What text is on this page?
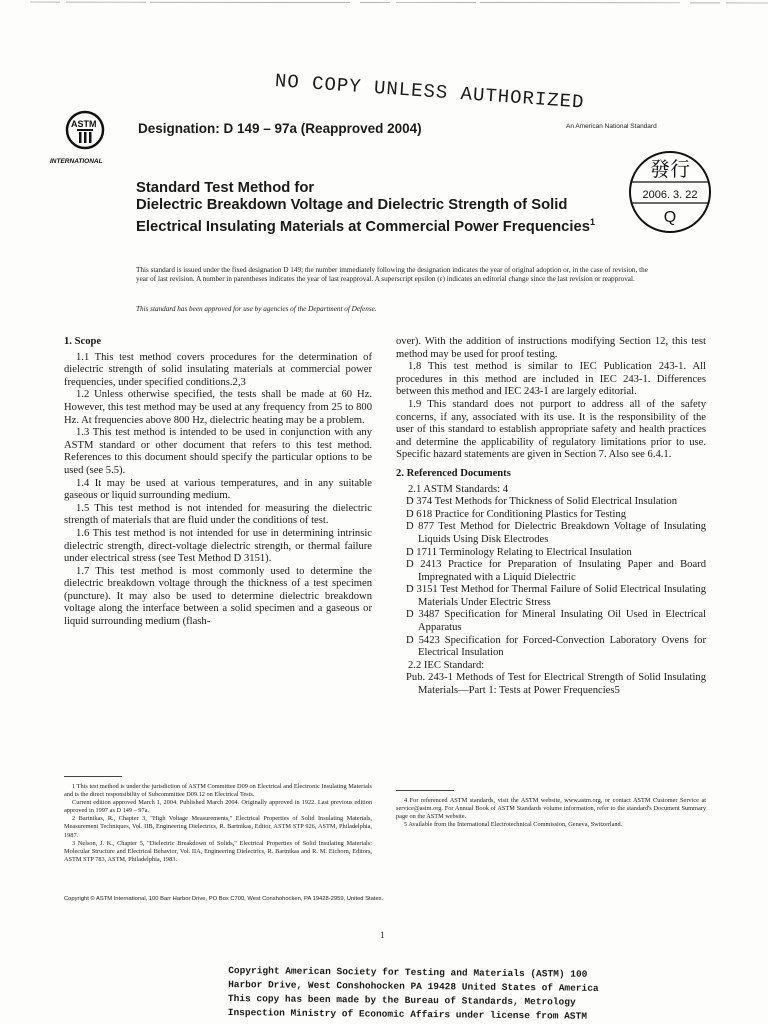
NO COPY UNLESS AUTHORIZED
ASTM
INTERNATIONAL
Designation: D 149 – 97a (Reapproved 2004)	An American National Standard
發行
2006. 3. 22
Q
Standard Test Method for
Dielectric Breakdown Voltage and Dielectric Strength of Solid Electrical Insulating Materials at Commercial Power Frequencies$^1$
This standard is issued under the fixed designation D 149; the number immediately following the designation indicates the year of original adoption or, in the case of revision, the year of last revision. A number in parentheses indicates the year of last reapproval. A superscript epsilon (ε) indicates an editorial change since the last revision or reapproval.
This standard has been approved for use by agencies of the Department of Defense.
1. Scope

1.1 This test method covers procedures for the determination of dielectric strength of solid insulating materials at commercial power frequencies, under specified conditions.2,3

1.2 Unless otherwise specified, the tests shall be made at 60 Hz. However, this test method may be used at any frequency from 25 to 800 Hz. At frequencies above 800 Hz, dielectric heating may be a problem.

1.3 This test method is intended to be used in conjunction with any ASTM standard or other document that refers to this test method. References to this document should specify the particular options to be used (see 5.5).

1.4 It may be used at various temperatures, and in any suitable gaseous or liquid surrounding medium.

1.5 This test method is not intended for measuring the dielectric strength of materials that are fluid under the conditions of test.

1.6 This test method is not intended for use in determining intrinsic dielectric strength, direct-voltage dielectric strength, or thermal failure under electrical stress (see Test Method D 3151).

1.7 This test method is most commonly used to determine the dielectric breakdown voltage through the thickness of a test specimen (puncture). It may also be used to determine dielectric breakdown voltage along the interface between a solid specimen and a gaseous or liquid surrounding medium (flash-

over). With the addition of instructions modifying Section 12, this test method may be used for proof testing.

1.8 This test method is similar to IEC Publication 243-1. All procedures in this method are included in IEC 243-1. Differences between this method and IEC 243-1 are largely editorial.

1.9 This standard does not purport to address all of the safety concerns, if any, associated with its use. It is the responsibility of the user of this standard to establish appropriate safety and health practices and determine the applicability of regulatory limitations prior to use. Specific hazard statements are given in Section 7. Also see 6.4.1.

2. Referenced Documents

2.1 ASTM Standards: 4

D 374 Test Methods for Thickness of Solid Electrical Insulation

D 618 Practice for Conditioning Plastics for Testing

D 877 Test Method for Dielectric Breakdown Voltage of Insulating Liquids Using Disk Electrodes

D 1711 Terminology Relating to Electrical Insulation

D 2413 Practice for Preparation of Insulating Paper and Board Impregnated with a Liquid Dielectric

D 3151 Test Method for Thermal Failure of Solid Electrical Insulating Materials Under Electric Stress

D 3487 Specification for Mineral Insulating Oil Used in Electrical Apparatus

D 5423 Specification for Forced-Convection Laboratory Ovens for Electrical Insulation

2.2 IEC Standard:

Pub. 243-1 Methods of Test for Electrical Strength of Solid Insulating Materials—Part 1: Tests at Power Frequencies5

1 This test method is under the jurisdiction of ASTM Committee D09 on Electrical and Electronic Insulating Materials and is the direct responsibility of Subcommittee D09.12 on Electrical Tests.

Current edition approved March 1, 2004. Published March 2004. Originally approved in 1922. Last previous edition approved in 1997 as D 149 – 97a.

2 Bartnikas, R., Chapter 3, "High Voltage Measurements," Electrical Properties of Solid Insulating Materials, Measurement Techniques, Vol. IIB, Engineering Dielectrics, R. Bartnikas, Editor, ASTM STP 926, ASTM, Philadelphia, 1987.

3 Nelson, J. K., Chapter 5, "Dielectric Breakdown of Solids," Electrical Properties of Solid Insulating Materials: Molecular Structure and Electrical Behavior, Vol. IIA, Engineering Dielectrics, R. Bartnikas and R. M. Eichorn, Editors, ASTM STP 783, ASTM, Philadelphia, 1983.

4 For referenced ASTM standards, visit the ASTM website, www.astm.org, or contact ASTM Customer Service at service@astm.org. For Annual Book of ASTM Standards volume information, refer to the standard's Document Summary page on the ASTM website.

5 Available from the International Electrotechnical Commission, Geneva, Switzerland.

Copyright © ASTM International, 100 Barr Harbor Drive, PO Box C700, West Conshohocken, PA 19428-2959, United States.
1
Copyright American Society for Testing and Materials (ASTM) 100
Harbor Drive, West Conshohocken PA 19428 United States of America
This copy has been made by the Bureau of Standards, Metrology
Inspection Ministry of Economic Affairs under license from ASTM
